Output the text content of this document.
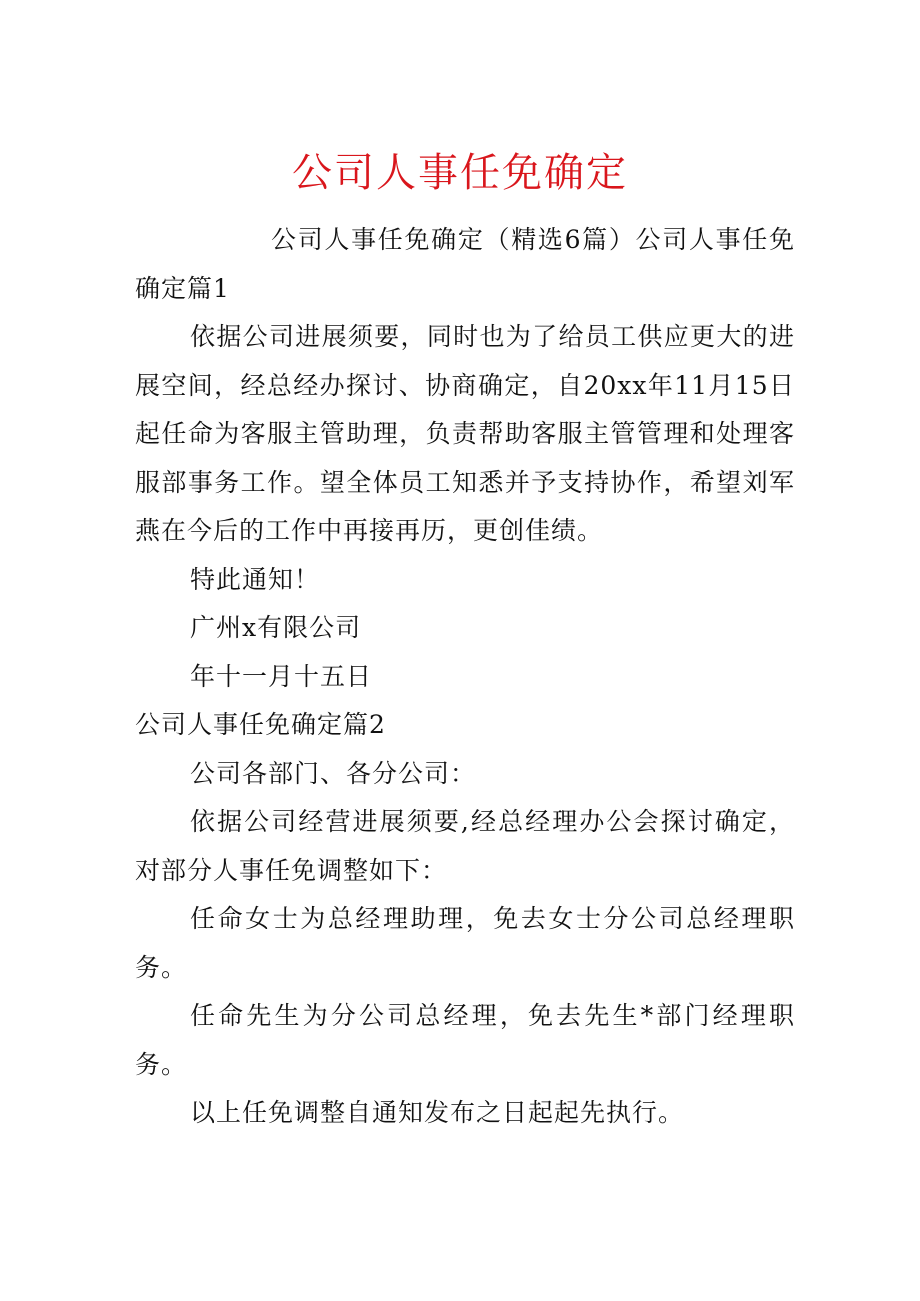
公司人事任免确定

公司人事任免确定（精选6篇）公司人事任免确定篇1

依据公司进展须要，同时也为了给员工供应更大的进展空间，经总经办探讨、协商确定，自20xx年11月15日起任命为客服主管助理，负责帮助客服主管管理和处理客服部事务工作。望全体员工知悉并予支持协作，希望刘军燕在今后的工作中再接再历，更创佳绩。

特此通知！

广州x有限公司

年十一月十五日

公司人事任免确定篇2

公司各部门、各分公司：

依据公司经营进展须要,经总经理办公会探讨确定，对部分人事任免调整如下：

任命女士为总经理助理，免去女士分公司总经理职务。

任命先生为分公司总经理，免去先生*部门经理职务。

以上任免调整自通知发布之日起起先执行。
